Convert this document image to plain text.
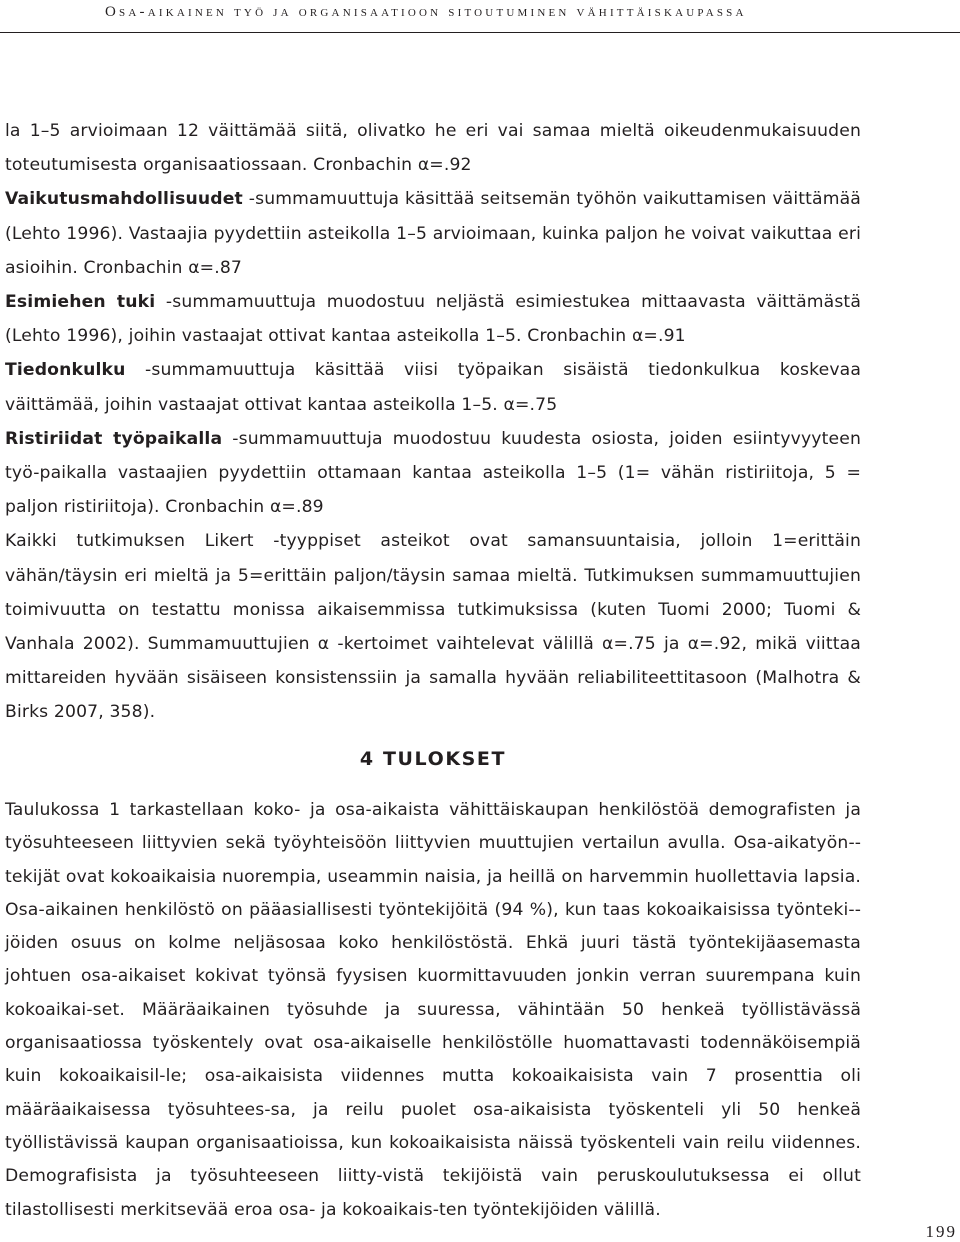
Osa-aikainen työ ja organisaatioon sitoutuminen vähittäiskaupassa

la 1–5 arvioimaan 12 väittämää siitä, olivatko he eri vai samaa mieltä oikeudenmukaisuuden toteutumisesta organisaatiossaan. Cronbachin α=.92

Vaikutusmahdollisuudet -summamuuttuja käsittää seitsemän työhön vaikuttamisen väittämää (Lehto 1996). Vastaajia pyydettiin asteikolla 1–5 arvioimaan, kuinka paljon he voivat vaikuttaa eri asioihin. Cronbachin α=.87

Esimiehen tuki -summamuuttuja muodostuu neljästä esimiestukea mittaavasta väittämästä (Lehto 1996), joihin vastaajat ottivat kantaa asteikolla 1–5. Cronbachin α=.91

Tiedonkulku -summamuuttuja käsittää viisi työpaikan sisäistä tiedonkulkua koskevaa väittämää, joihin vastaajat ottivat kantaa asteikolla 1–5. α=.75

Ristiriidat työpaikalla -summamuuttuja muodostuu kuudesta osiosta, joiden esiintyvyyteen työ-paikalla vastaajien pyydettiin ottamaan kantaa asteikolla 1–5 (1= vähän ristiriitoja, 5 = paljon ristiriitoja). Cronbachin α=.89

Kaikki tutkimuksen Likert -tyyppiset asteikot ovat samansuuntaisia, jolloin 1=erittäin vähän/täysin eri mieltä ja 5=erittäin paljon/täysin samaa mieltä. Tutkimuksen summamuuttujien toimivuutta on testattu monissa aikaisemmissa tutkimuksissa (kuten Tuomi 2000; Tuomi & Vanhala 2002). Summamuuttujien α -kertoimet vaihtelevat välillä α=.75 ja α=.92, mikä viittaa mittareiden hyvään sisäiseen konsistenssiin ja samalla hyvään reliabiliteettitasoon (Malhotra & Birks 2007, 358).

4 TULOKSET

Taulukossa 1 tarkastellaan koko- ja osa-aikaista vähittäiskaupan henkilöstöä demografisten ja työsuhteeseen liittyvien sekä työyhteisöön liittyvien muuttujien vertailun avulla. Osa-aikatyön-tekijät ovat kokoaikaisia nuorempia, useammin naisia, ja heillä on harvemmin huollettavia lapsia. Osa-aikainen henkilöstö on pääasiallisesti työntekijöitä (94 %), kun taas kokoaikaisissa työnteki-jöiden osuus on kolme neljäsosaa koko henkilöstöstä. Ehkä juuri tästä työntekijäasemasta johtuen osa-aikaiset kokivat työnsä fyysisen kuormittavuuden jonkin verran suurempana kuin kokoaikai-set. Määräaikainen työsuhde ja suuressa, vähintään 50 henkeä työllistävässä organisaatiossa työskentely ovat osa-aikaiselle henkilöstölle huomattavasti todennäköisempiä kuin kokoaikaisil-le; osa-aikaisista viidennes mutta kokoaikaisista vain 7 prosenttia oli määräaikaisessa työsuhtees-sa, ja reilu puolet osa-aikaisista työskenteli yli 50 henkeä työllistävissä kaupan organisaatioissa, kun kokoaikaisista näissä työskenteli vain reilu viidennes. Demografisista ja työsuhteeseen liitty-vistä tekijöistä vain peruskoulutuksessa ei ollut tilastollisesti merkitsevää eroa osa- ja kokoaikais-ten työntekijöiden välillä.

199
